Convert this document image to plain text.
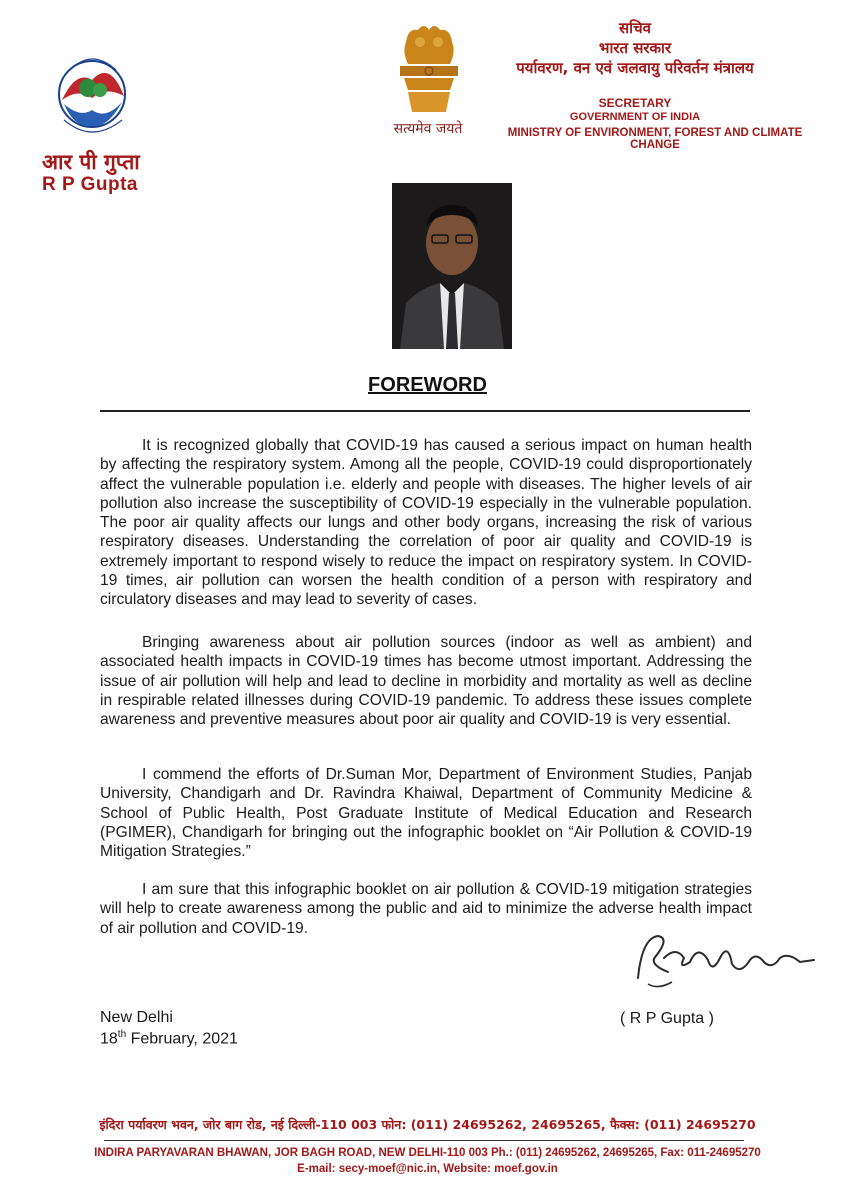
सत्यमेव जयते
आर पी गुप्ता
R P Gupta
सचिव
भारत सरकार
पर्यावरण, वन एवं जलवायु परिवर्तन मंत्रालय
SECRETARY
GOVERNMENT OF INDIA
MINISTRY OF ENVIRONMENT, FOREST AND CLIMATE CHANGE
FOREWORD
It is recognized globally that COVID-19 has caused a serious impact on human health by affecting the respiratory system. Among all the people, COVID-19 could disproportionately affect the vulnerable population i.e. elderly and people with diseases. The higher levels of air pollution also increase the susceptibility of COVID-19 especially in the vulnerable population. The poor air quality affects our lungs and other body organs, increasing the risk of various respiratory diseases. Understanding the correlation of poor air quality and COVID-19 is extremely important to respond wisely to reduce the impact on respiratory system. In COVID-19 times, air pollution can worsen the health condition of a person with respiratory and circulatory diseases and may lead to severity of cases.
Bringing awareness about air pollution sources (indoor as well as ambient) and associated health impacts in COVID-19 times has become utmost important. Addressing the issue of air pollution will help and lead to decline in morbidity and mortality as well as decline in respirable related illnesses during COVID-19 pandemic. To address these issues complete awareness and preventive measures about poor air quality and COVID-19 is very essential.
I commend the efforts of Dr.Suman Mor, Department of Environment Studies, Panjab University, Chandigarh and Dr. Ravindra Khaiwal, Department of Community Medicine & School of Public Health, Post Graduate Institute of Medical Education and Research (PGIMER), Chandigarh for bringing out the infographic booklet on “Air Pollution & COVID-19 Mitigation Strategies.”
I am sure that this infographic booklet on air pollution & COVID-19 mitigation strategies will help to create awareness among the public and aid to minimize the adverse health impact of air pollution and COVID-19.
New Delhi
18th February, 2021
( R P Gupta )
इंदिरा पर्यावरण भवन, जोर बाग रोड, नई दिल्ली-110 003 फोन: (011) 24695262, 24695265, फैक्स: (011) 24695270
INDIRA PARYAVARAN BHAWAN, JOR BAGH ROAD, NEW DELHI-110 003 Ph.: (011) 24695262, 24695265, Fax: 011-24695270
E-mail: secy-moef@nic.in, Website: moef.gov.in
